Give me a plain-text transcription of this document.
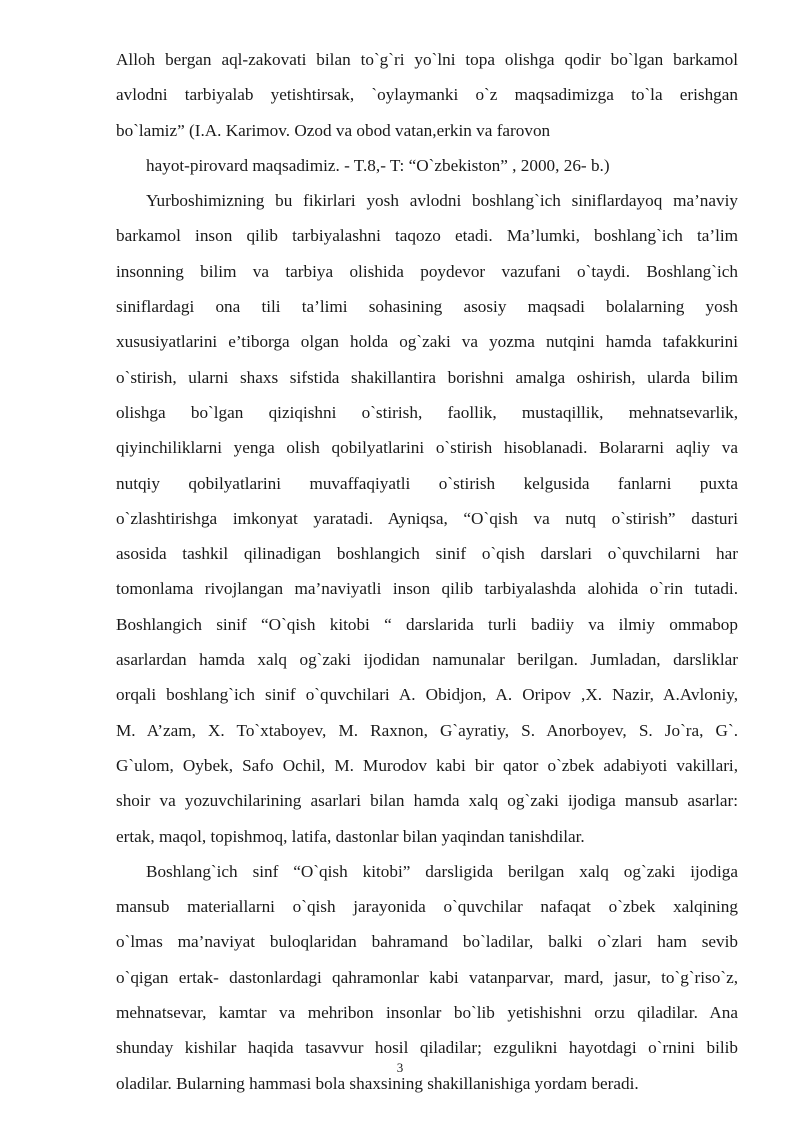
Alloh bergan aql-zakovati bilan to`g`ri yo`lni topa olishga qodir bo`lgan barkamol
avlodni tarbiyalab yetishtirsak, `oylaymanki o`z maqsadimizga to`la erishgan
bo`lamiz” (I.A. Karimov. Ozod va obod vatan,erkin va farovon
hayot-pirovard maqsadimiz. - T.8,- T: “O`zbekiston” , 2000, 26- b.)
Yurboshimizning bu fikirlari yosh avlodni boshlang`ich siniflardayoq ma’naviy
barkamol inson qilib tarbiyalashni taqozo etadi. Ma’lumki, boshlang`ich ta’lim
insonning bilim va tarbiya olishida poydevor vazufani o`taydi. Boshlang`ich
siniflardagi ona tili ta’limi sohasining asosiy maqsadi bolalarning yosh
xususiyatlarini e’tiborga olgan holda og`zaki va yozma nutqini hamda tafakkurini
o`stirish, ularni shaxs sifstida shakillantira borishni amalga oshirish, ularda bilim
olishga bo`lgan qiziqishni o`stirish, faollik, mustaqillik, mehnatsevarlik,
qiyinchiliklarni yenga olish qobilyatlarini o`stirish hisoblanadi. Bolararni aqliy va
nutqiy qobilyatlarini muvaffaqiyatli o`stirish kelgusida fanlarni puxta
o`zlashtirishga imkonyat yaratadi. Ayniqsa, “O`qish va nutq o`stirish” dasturi
asosida tashkil qilinadigan boshlangich sinif o`qish darslari o`quvchilarni har
tomonlama rivojlangan ma’naviyatli inson qilib tarbiyalashda alohida o`rin tutadi.
Boshlangich sinif “O`qish kitobi “ darslarida turli badiiy va ilmiy ommabop
asarlardan hamda xalq og`zaki ijodidan namunalar berilgan. Jumladan, darsliklar
orqali boshlang`ich sinif o`quvchilari A. Obidjon, A. Oripov ,X. Nazir, A.Avloniy,
M. A’zam, X. To`xtaboyev, M. Raxnon, G`ayratiy, S. Anorboyev, S. Jo`ra, G`.
G`ulom, Oybek, Safo Ochil, M. Murodov kabi bir qator o`zbek adabiyoti vakillari,
shoir va yozuvchilarining asarlari bilan hamda xalq og`zaki ijodiga mansub asarlar:
ertak, maqol, topishmoq, latifa, dastonlar bilan yaqindan tanishdilar.
Boshlang`ich sinf “O`qish kitobi” darsligida berilgan xalq og`zaki ijodiga
mansub materiallarni o`qish jarayonida o`quvchilar nafaqat o`zbek xalqining
o`lmas ma’naviyat buloqlaridan bahramand bo`ladilar, balki o`zlari ham sevib
o`qigan ertak- dastonlardagi qahramonlar kabi vatanparvar, mard, jasur, to`g`riso`z,
mehnatsevar, kamtar va mehribon insonlar bo`lib yetishishni orzu qiladilar. Ana
shunday kishilar haqida tasavvur hosil qiladilar; ezgulikni hayotdagi o`rnini bilib
oladilar. Bularning hammasi bola shaxsining shakillanishiga yordam beradi.
3
